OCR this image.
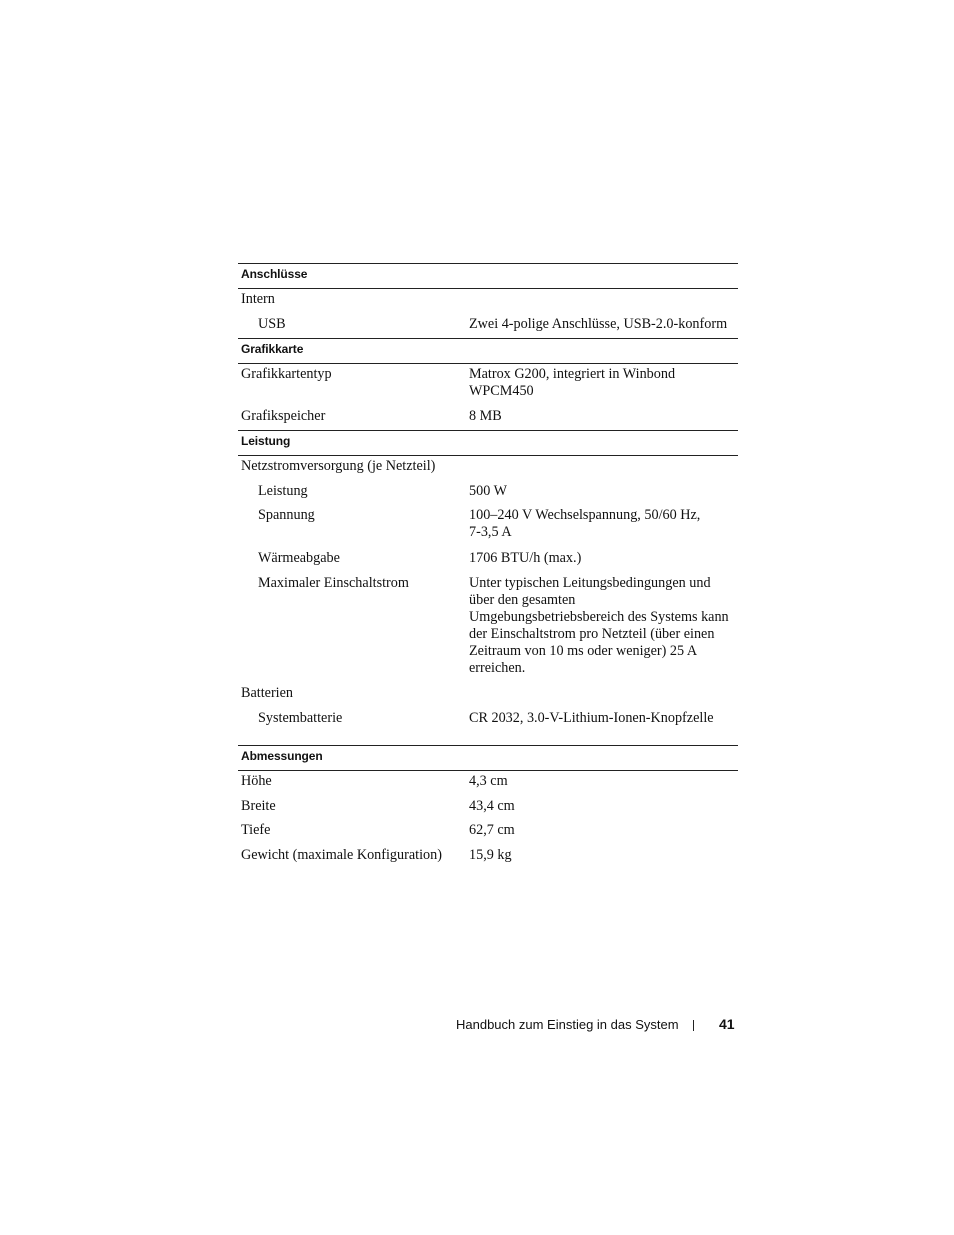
Anschlüsse
Intern
USB	Zwei 4-polige Anschlüsse, USB-2.0-konform
Grafikkarte
Grafikkartentyp	Matrox G200, integriert in Winbond
WPCM450
Grafikspeicher	8 MB
Leistung
Netzstromversorgung (je Netzteil)
Leistung	500 W
Spannung	100–240 V Wechselspannung, 50/60 Hz,
7-3,5 A
Wärmeabgabe	1706 BTU/h (max.)
Maximaler Einschaltstrom	Unter typischen Leitungsbedingungen und
über den gesamten
Umgebungsbetriebsbereich des Systems kann
der Einschaltstrom pro Netzteil (über einen
Zeitraum von 10 ms oder weniger) 25 A
erreichen.
Batterien
Systembatterie	CR 2032, 3.0-V-Lithium-Ionen-Knopfzelle
Abmessungen
Höhe	4,3 cm
Breite	43,4 cm
Tiefe	62,7 cm
Gewicht (maximale Konfiguration) 15,9 kg
Handbuch zum Einstieg in das System	41
